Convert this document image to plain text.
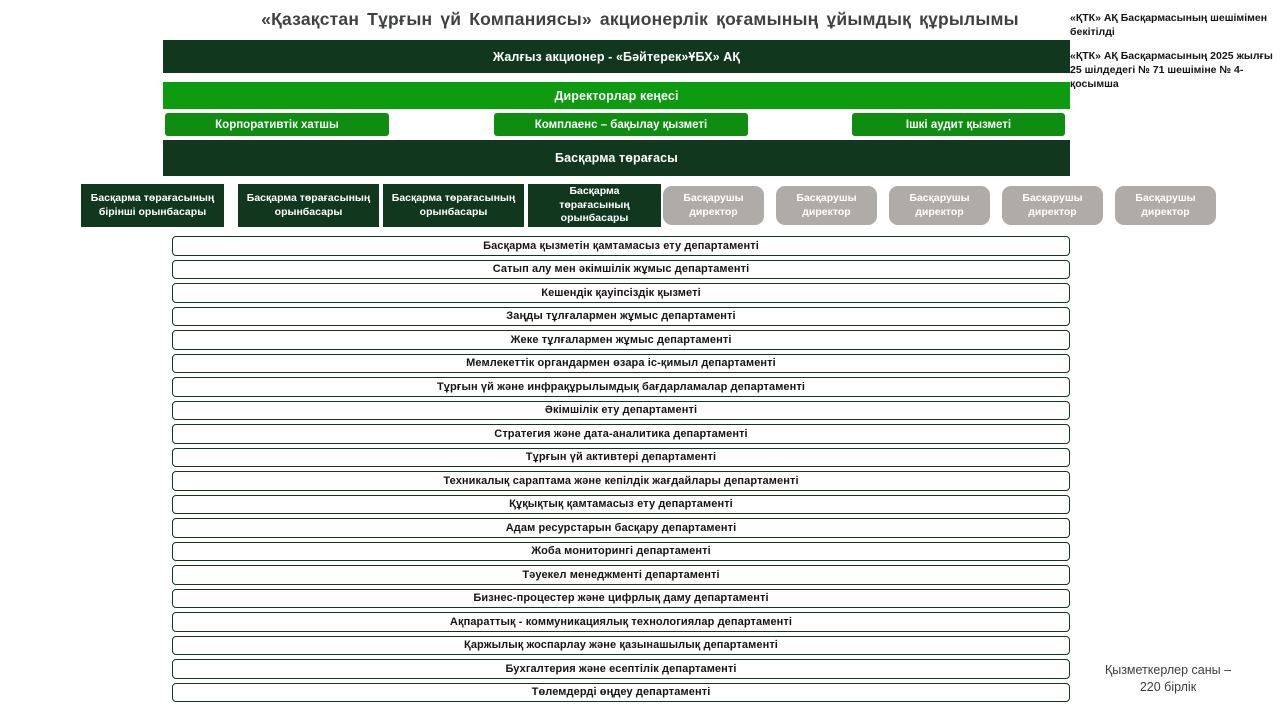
«Қазақстан Тұрғын үй Компаниясы» акционерлік қоғамының ұйымдық құрылымы	«ҚТК» АҚ Басқармасының шешімімен бекітілді
«ҚТК» АҚ Басқармасының 2025 жылғы 25 шілдедегі № 71 шешіміне № 4-қосымша
Жалғыз акционер - «Бәйтерек»ҰБХ» АҚ
Директорлар кеңесі
Корпоративтік хатшы	Комплаенс – бақылау қызметі	Ішкі аудит қызметі
Басқарма төрағасы
Басқарма төрағасының бірінші орынбасары
Басқарма төрағасының орынбасары
Басқарма төрағасының орынбасары
Басқарма төрағасының орынбасары
Басқарушы директор
Басқарушы директор
Басқарушы директор
Басқарушы директор
Басқарушы директор
Басқарма қызметін қамтамасыз ету департаменті
Сатып алу мен әкімшілік жұмыс департаменті
Кешендік қауіпсіздік қызметі
Заңды тұлғалармен жұмыс департаменті
Жеке тұлғалармен жұмыс департаменті
Мемлекеттік органдармен өзара іс-қимыл департаменті
Тұрғын үй және инфрақұрылымдық бағдарламалар департаменті
Әкімшілік ету департаменті
Стратегия және дата-аналитика департаменті
Тұрғын үй активтері департаменті
Техникалық сараптама және кепілдік жағдайлары департаменті
Құқықтық қамтамасыз ету департаменті
Адам ресурстарын басқару департаменті
Жоба мониторингі департаменті
Тәуекел менеджменті департаменті
Бизнес-процестер және цифрлық даму департаменті
Ақпараттық - коммуникациялық технологиялар департаменті
Қаржылық жоспарлау және қазынашылық департаменті
Бухгалтерия және есептілік департаменті
Төлемдерді өңдеу департаменті
Қызметкерлер саны –
220 бірлік
